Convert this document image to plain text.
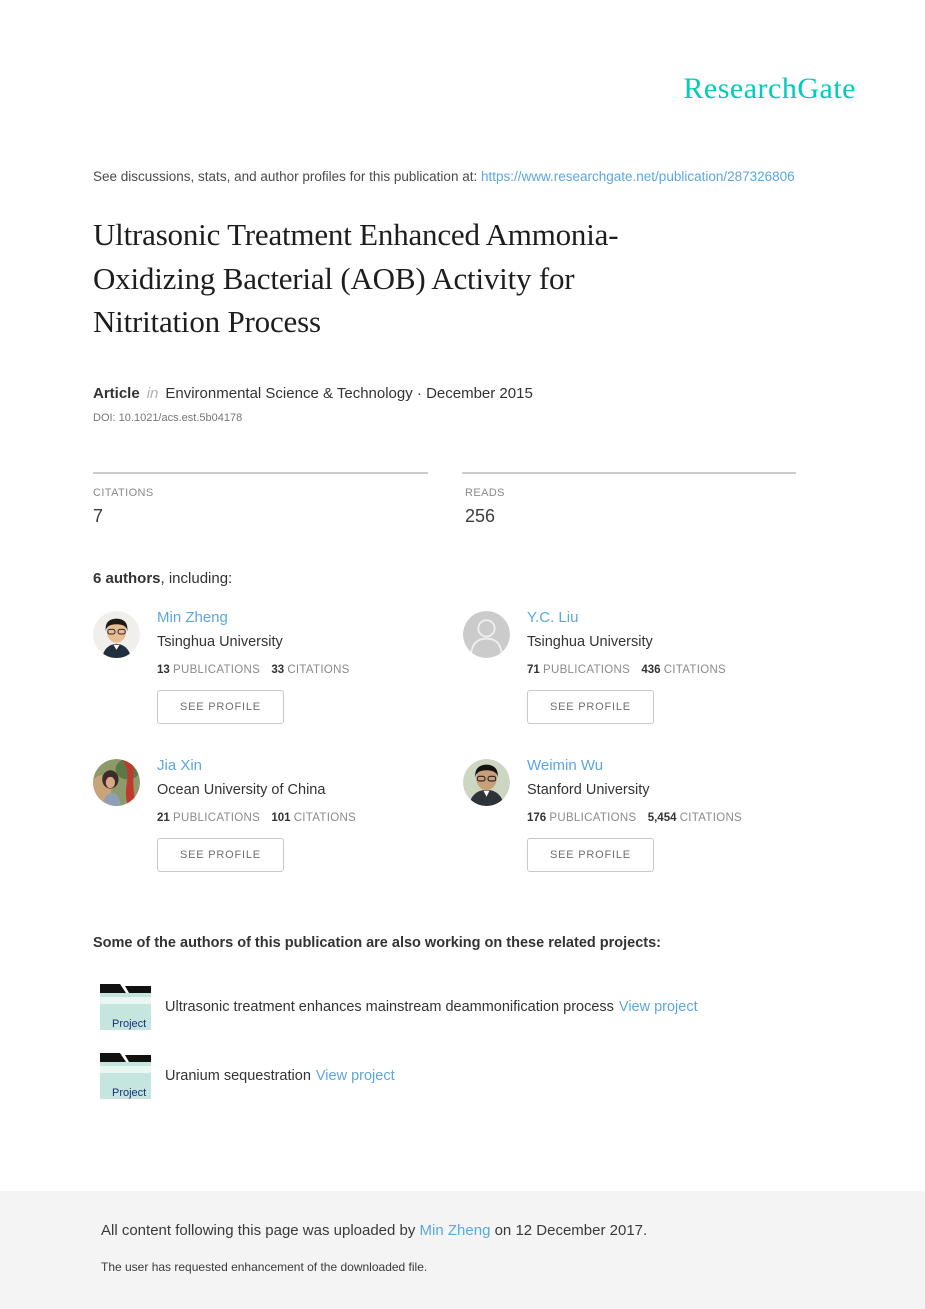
ResearchGate
See discussions, stats, and author profiles for this publication at: https://www.researchgate.net/publication/287326806
Ultrasonic Treatment Enhanced Ammonia-
Oxidizing Bacterial (AOB) Activity for
Nitritation Process
Article in Environmental Science & Technology · December 2015
DOI: 10.1021/acs.est.5b04178
CITATIONS
7
READS
256
6 authors, including:
Min Zheng
Tsinghua University
13 PUBLICATIONS 33 CITATIONS
SEE PROFILE
Y.C. Liu
Tsinghua University
71 PUBLICATIONS 436 CITATIONS
SEE PROFILE
Jia Xin
Ocean University of China
21 PUBLICATIONS 101 CITATIONS
SEE PROFILE
Weimin Wu
Stanford University
176 PUBLICATIONS 5,454 CITATIONS
SEE PROFILE
Some of the authors of this publication are also working on these related projects:
Project
Ultrasonic treatment enhances mainstream deammonification process View project
Project
Uranium sequestration View project
All content following this page was uploaded by Min Zheng on 12 December 2017.
The user has requested enhancement of the downloaded file.
